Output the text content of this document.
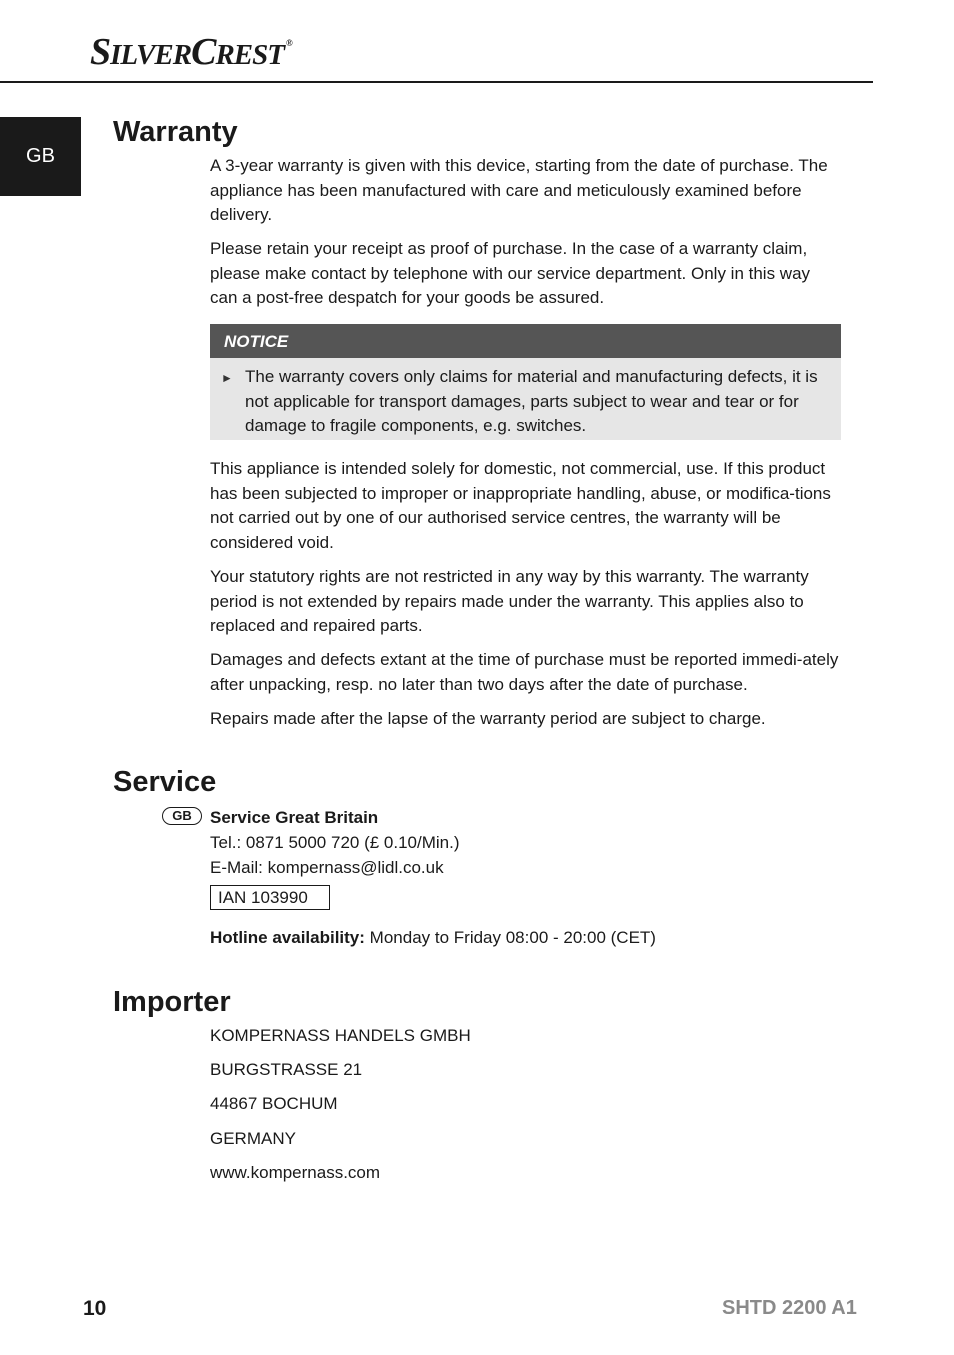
SILVERCREST ®
GB
Warranty

A 3-year warranty is given with this device, starting from the date of purchase. The appliance has been manufactured with care and meticulously examined before delivery.

Please retain your receipt as proof of purchase. In the case of a warranty claim, please make contact by telephone with our service department. Only in this way can a post-free despatch for your goods be assured.

NOTICE
► The warranty covers only claims for material and manufacturing defects, it is not applicable for transport damages, parts subject to wear and tear or for damage to fragile components, e.g. switches.

This appliance is intended solely for domestic, not commercial, use. If this product has been subjected to improper or inappropriate handling, abuse, or modifica-tions not carried out by one of our authorised service centres, the warranty will be considered void.

Your statutory rights are not restricted in any way by this warranty. The warranty period is not extended by repairs made under the warranty. This applies also to replaced and repaired parts.

Damages and defects extant at the time of purchase must be reported immedi-ately after unpacking, resp. no later than two days after the date of purchase.

Repairs made after the lapse of the warranty period are subject to charge.

Service
GB	Service Great Britain
Tel.: 0871 5000 720 (£ 0.10/Min.)
E-Mail: kompernass@lidl.co.uk
IAN 103990
Hotline availability: Monday to Friday 08:00 - 20:00 (CET)
Importer
KOMPERNASS HANDELS GMBH
BURGSTRASSE 21
44867 BOCHUM
GERMANY
www.kompernass.com
10	SHTD 2200 A1
